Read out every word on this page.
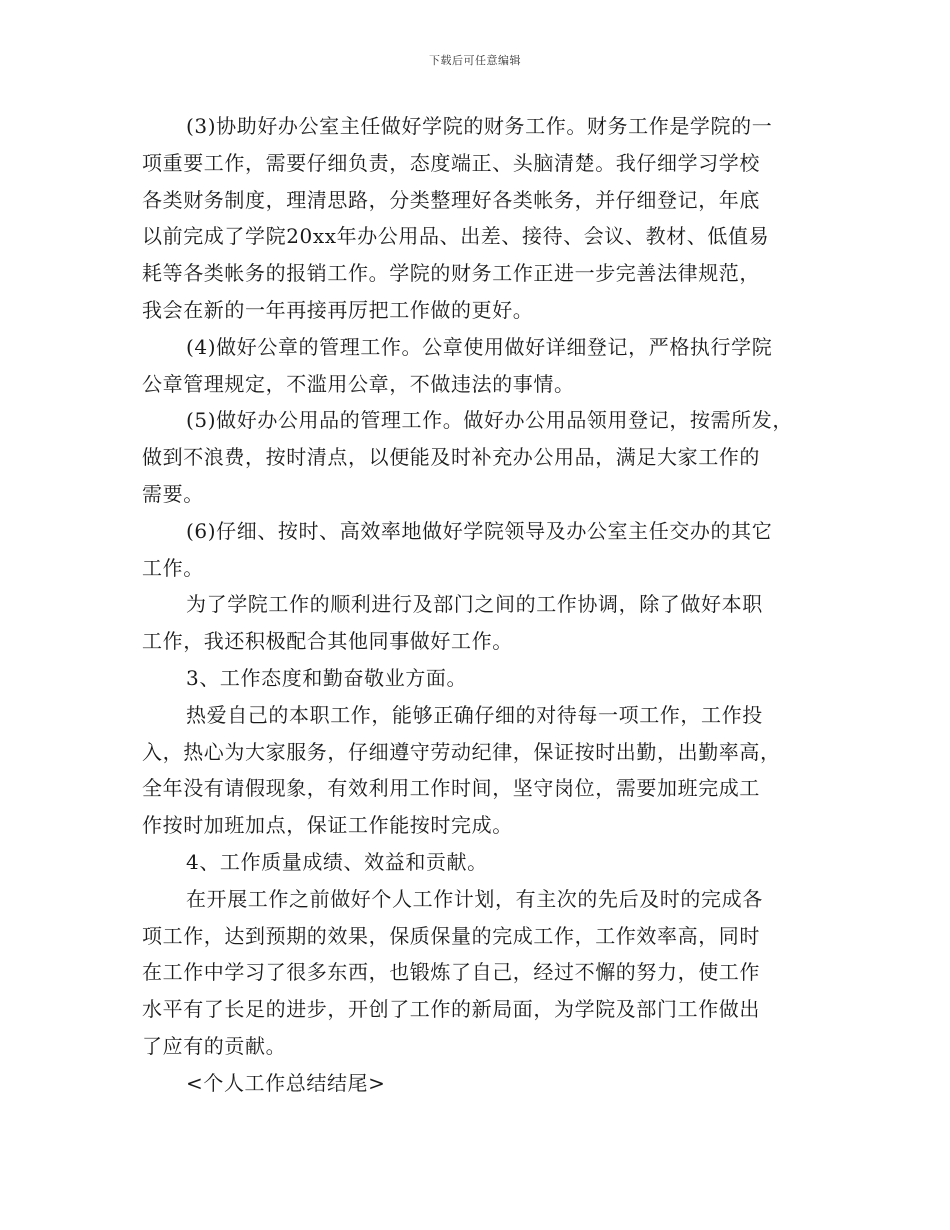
下载后可任意编辑
(3)协助好办公室主任做好学院的财务工作。财务工作是学院的一
项重要工作，需要仔细负责，态度端正、头脑清楚。我仔细学习学校
各类财务制度，理清思路，分类整理好各类帐务，并仔细登记，年底
以前完成了学院20xx年办公用品、出差、接待、会议、教材、低值易
耗等各类帐务的报销工作。学院的财务工作正进一步完善法律规范，
我会在新的一年再接再厉把工作做的更好。
(4)做好公章的管理工作。公章使用做好详细登记，严格执行学院
公章管理规定，不滥用公章，不做违法的事情。
(5)做好办公用品的管理工作。做好办公用品领用登记，按需所发，
做到不浪费，按时清点，以便能及时补充办公用品，满足大家工作的
需要。
(6)仔细、按时、高效率地做好学院领导及办公室主任交办的其它
工作。
为了学院工作的顺利进行及部门之间的工作协调，除了做好本职
工作，我还积极配合其他同事做好工作。
3、工作态度和勤奋敬业方面。
热爱自己的本职工作，能够正确仔细的对待每一项工作，工作投
入，热心为大家服务，仔细遵守劳动纪律，保证按时出勤，出勤率高，
全年没有请假现象，有效利用工作时间，坚守岗位，需要加班完成工
作按时加班加点，保证工作能按时完成。
4、工作质量成绩、效益和贡献。
在开展工作之前做好个人工作计划，有主次的先后及时的完成各
项工作，达到预期的效果，保质保量的完成工作，工作效率高，同时
在工作中学习了很多东西，也锻炼了自己，经过不懈的努力，使工作
水平有了长足的进步，开创了工作的新局面，为学院及部门工作做出
了应有的贡献。
<个人工作总结结尾>
